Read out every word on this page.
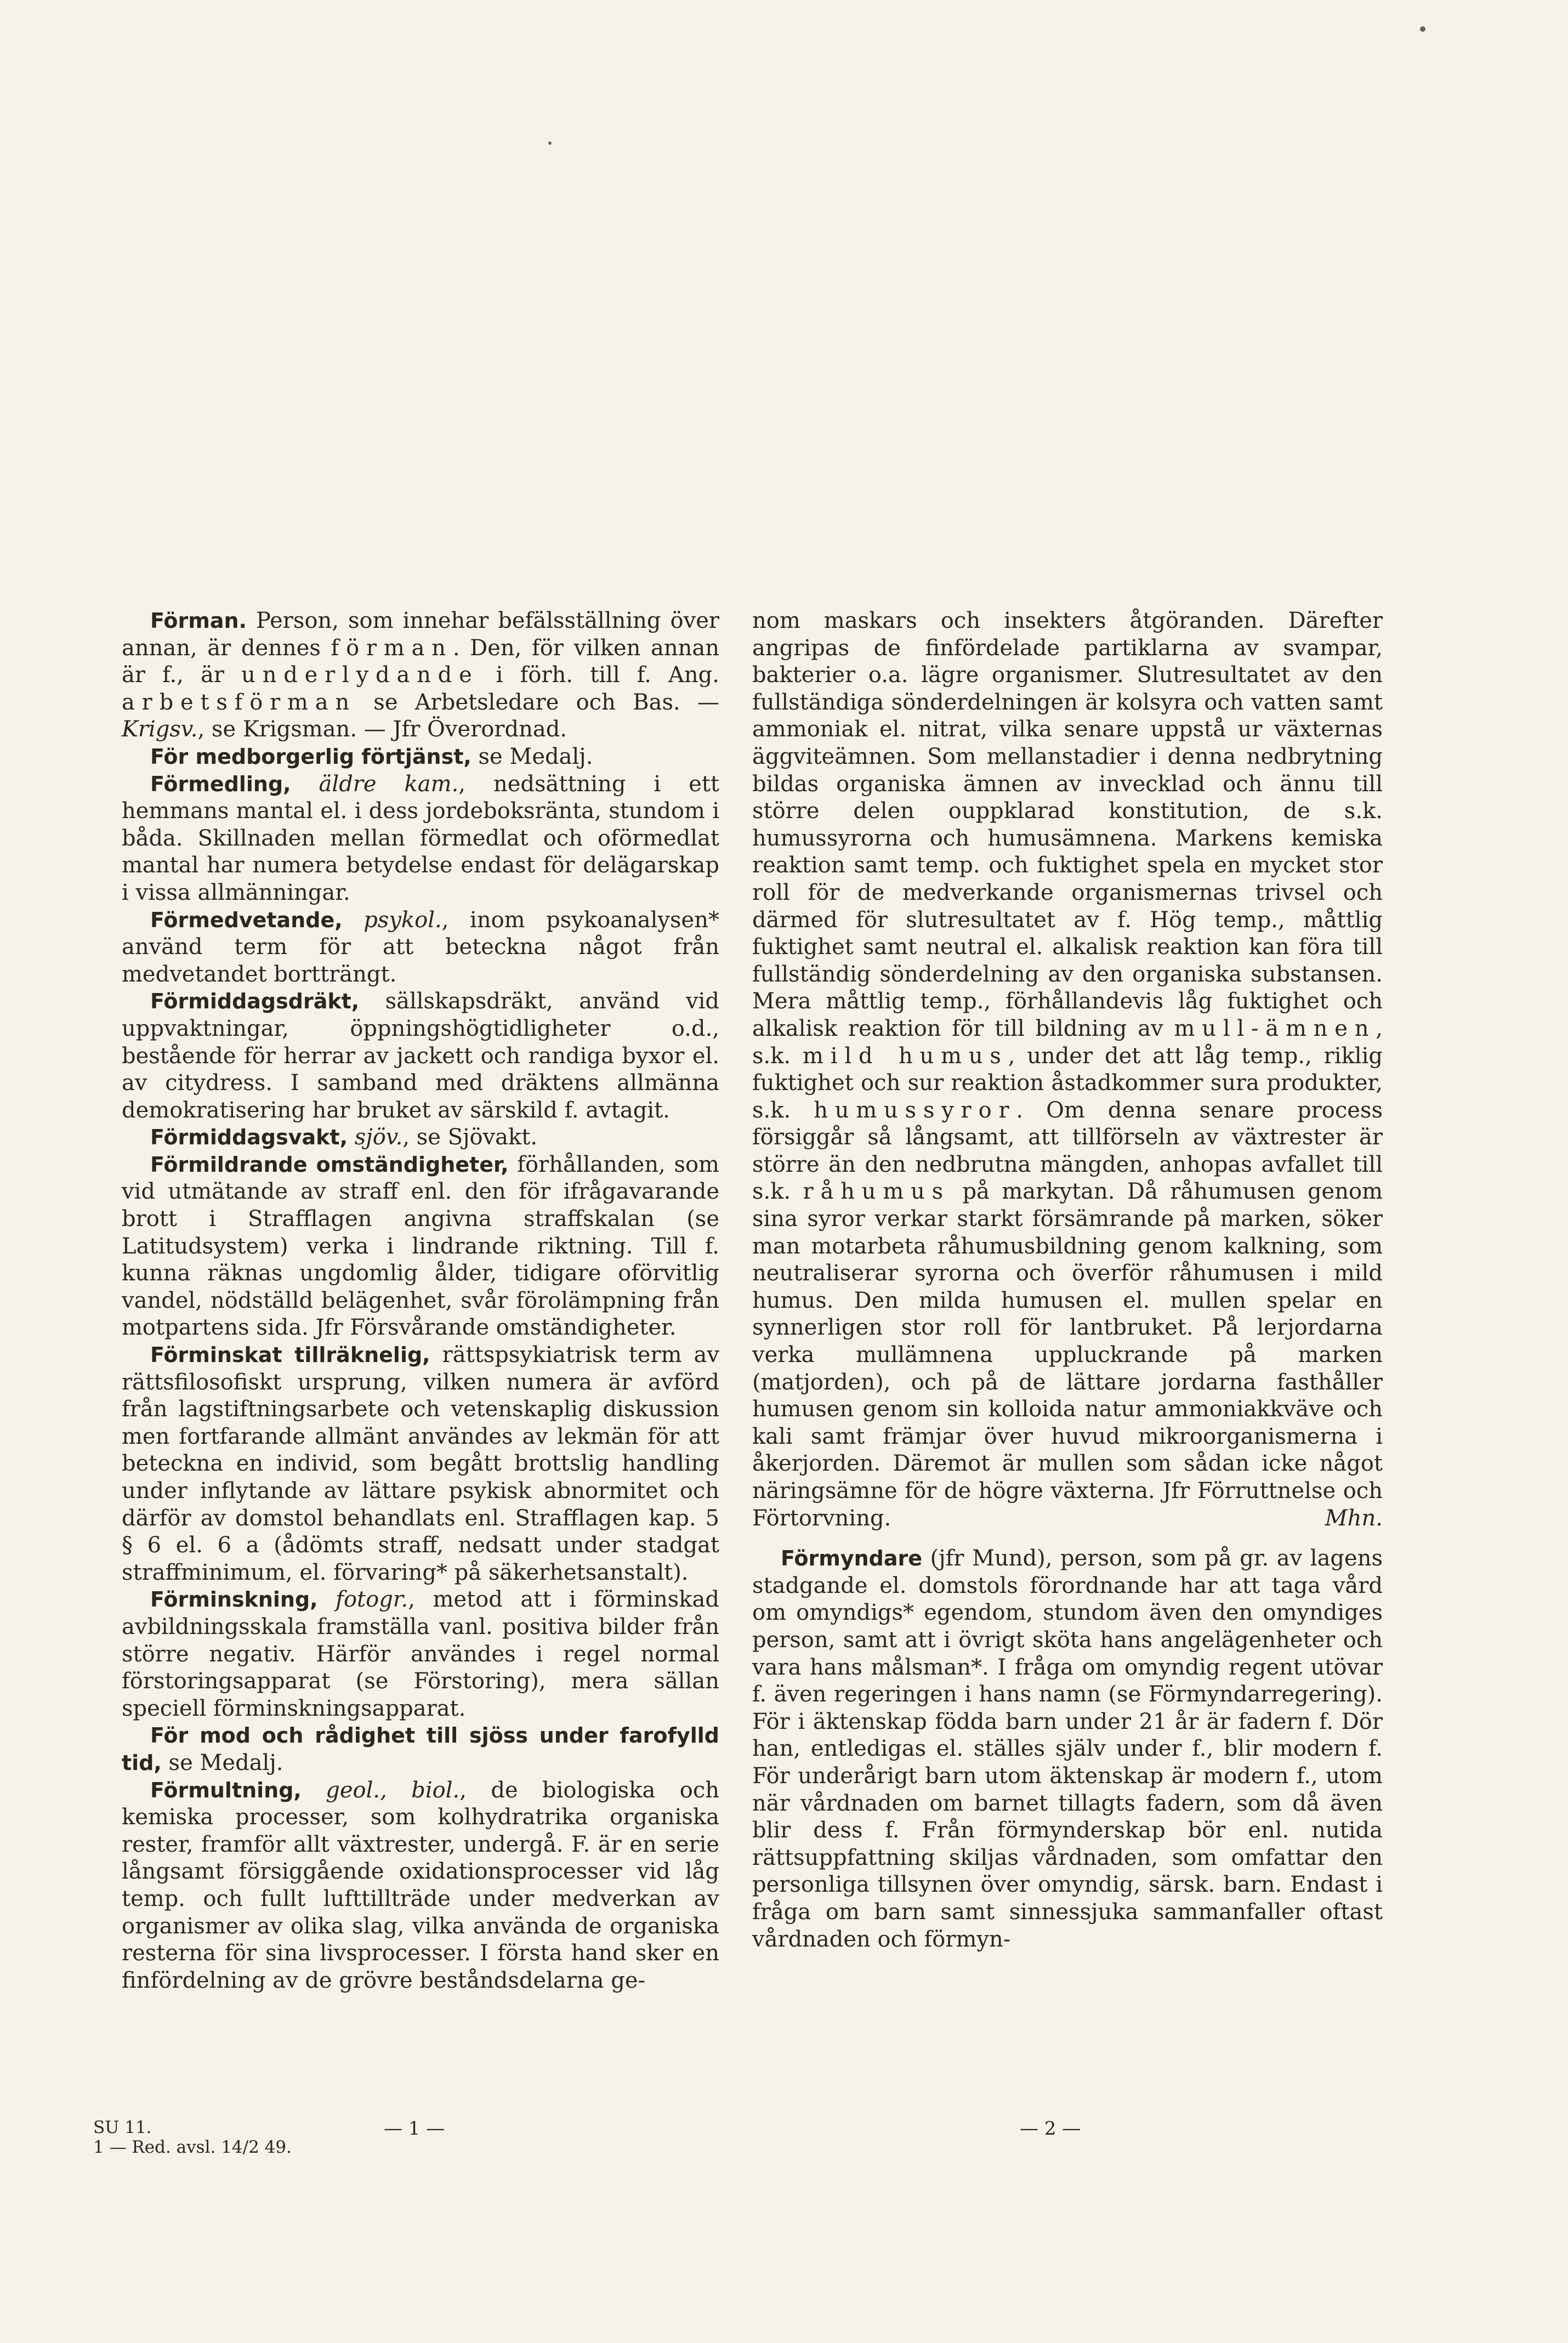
Förman. Person, som innehar befälsställning över annan, är dennes förman. Den, för vilken annan är f., är underlydande i förh. till f. Ang. arbetsförman se Arbetsledare och Bas. — Krigsv., se Krigsman. — Jfr Överordnad.

För medborgerlig förtjänst, se Medalj.

Förmedling, äldre kam., nedsättning i ett hemmans mantal el. i dess jordeboksränta, stundom i båda. Skillnaden mellan förmedlat och oförmedlat mantal har numera betydelse endast för delägarskap i vissa allmänningar.

Förmedvetande, psykol., inom psykoanalysen* använd term för att beteckna något från medvetandet bortträngt.

Förmiddagsdräkt, sällskapsdräkt, använd vid uppvaktningar, öppningshögtidligheter o.d., bestående för herrar av jackett och randiga byxor el. av citydress. I samband med dräktens allmänna demokratisering har bruket av särskild f. avtagit.

Förmiddagsvakt, sjöv., se Sjövakt.

Förmildrande omständigheter, förhållanden, som vid utmätande av straff enl. den för ifrågavarande brott i Strafflagen angivna straffskalan (se Latitudsystem) verka i lindrande riktning. Till f. kunna räknas ungdomlig ålder, tidigare oförvitlig vandel, nödställd belägenhet, svår förolämpning från motpartens sida. Jfr Försvårande omständigheter.

Förminskat tillräknelig, rättspsykiatrisk term av rättsfilosofiskt ursprung, vilken numera är avförd från lagstiftningsarbete och vetenskaplig diskussion men fortfarande allmänt användes av lekmän för att beteckna en individ, som begått brottslig handling under inflytande av lättare psykisk abnormitet och därför av domstol behandlats enl. Strafflagen kap. 5 § 6 el. 6 a (ådömts straff, nedsatt under stadgat straffminimum, el. förvaring* på säkerhetsanstalt).

Förminskning, fotogr., metod att i förminskad avbildningsskala framställa vanl. positiva bilder från större negativ. Härför användes i regel normal förstoringsapparat (se Förstoring), mera sällan speciell förminskningsapparat.

För mod och rådighet till sjöss under farofylld tid, se Medalj.

Förmultning, geol., biol., de biologiska och kemiska processer, som kolhydratrika organiska rester, framför allt växtrester, undergå. F. är en serie långsamt försiggående oxidationsprocesser vid låg temp. och fullt lufttillträde under medverkan av organismer av olika slag, vilka använda de organiska resterna för sina livsprocesser. I första hand sker en finfördelning av de grövre beståndsdelarna ge-

nom maskars och insekters åtgöranden. Därefter angripas de finfördelade partiklarna av svampar, bakterier o.a. lägre organismer. Slutresultatet av den fullständiga sönderdelningen är kolsyra och vatten samt ammoniak el. nitrat, vilka senare uppstå ur växternas äggviteämnen. Som mellanstadier i denna nedbrytning bildas organiska ämnen av invecklad och ännu till större delen ouppklarad konstitution, de s.k. humussyrorna och humusämnena. Markens kemiska reaktion samt temp. och fuktighet spela en mycket stor roll för de medverkande organismernas trivsel och därmed för slutresultatet av f. Hög temp., måttlig fuktighet samt neutral el. alkalisk reaktion kan föra till fullständig sönderdelning av den organiska substansen. Mera måttlig temp., förhållandevis låg fuktighet och alkalisk reaktion för till bildning av mull-ämnen, s.k. mild humus, under det att låg temp., riklig fuktighet och sur reaktion åstadkommer sura produkter, s.k. humussyror. Om denna senare process försiggår så långsamt, att tillförseln av växtrester är större än den nedbrutna mängden, anhopas avfallet till s.k. råhumus på markytan. Då råhumusen genom sina syror verkar starkt försämrande på marken, söker man motarbeta råhumusbildning genom kalkning, som neutraliserar syrorna och överför råhumusen i mild humus. Den milda humusen el. mullen spelar en synnerligen stor roll för lantbruket. På lerjordarna verka mullämnena uppluckrande på marken (matjorden), och på de lättare jordarna fasthåller humusen genom sin kolloida natur ammoniakkväve och kali samt främjar över huvud mikroorganismerna i åkerjorden. Däremot är mullen som sådan icke något näringsämne för de högre växterna. Jfr Förruttnelse och Förtorvning.	Mhn.

Förmyndare (jfr Mund), person, som på gr. av lagens stadgande el. domstols förordnande har att taga vård om omyndigs* egendom, stundom även den omyndiges person, samt att i övrigt sköta hans angelägenheter och vara hans målsman*. I fråga om omyndig regent utövar f. även regeringen i hans namn (se Förmyndarregering). För i äktenskap födda barn under 21 år är fadern f. Dör han, entledigas el. ställes själv under f., blir modern f. För underårigt barn utom äktenskap är modern f., utom när vårdnaden om barnet tillagts fadern, som då även blir dess f. Från förmynderskap bör enl. nutida rättsuppfattning skiljas vårdnaden, som omfattar den personliga tillsynen över omyndig, särsk. barn. Endast i fråga om barn samt sinnessjuka sammanfaller oftast vårdnaden och förmyn-

SU 11.
1 — Red. avsl. 14/2 49.
— 1 —	— 2 —
